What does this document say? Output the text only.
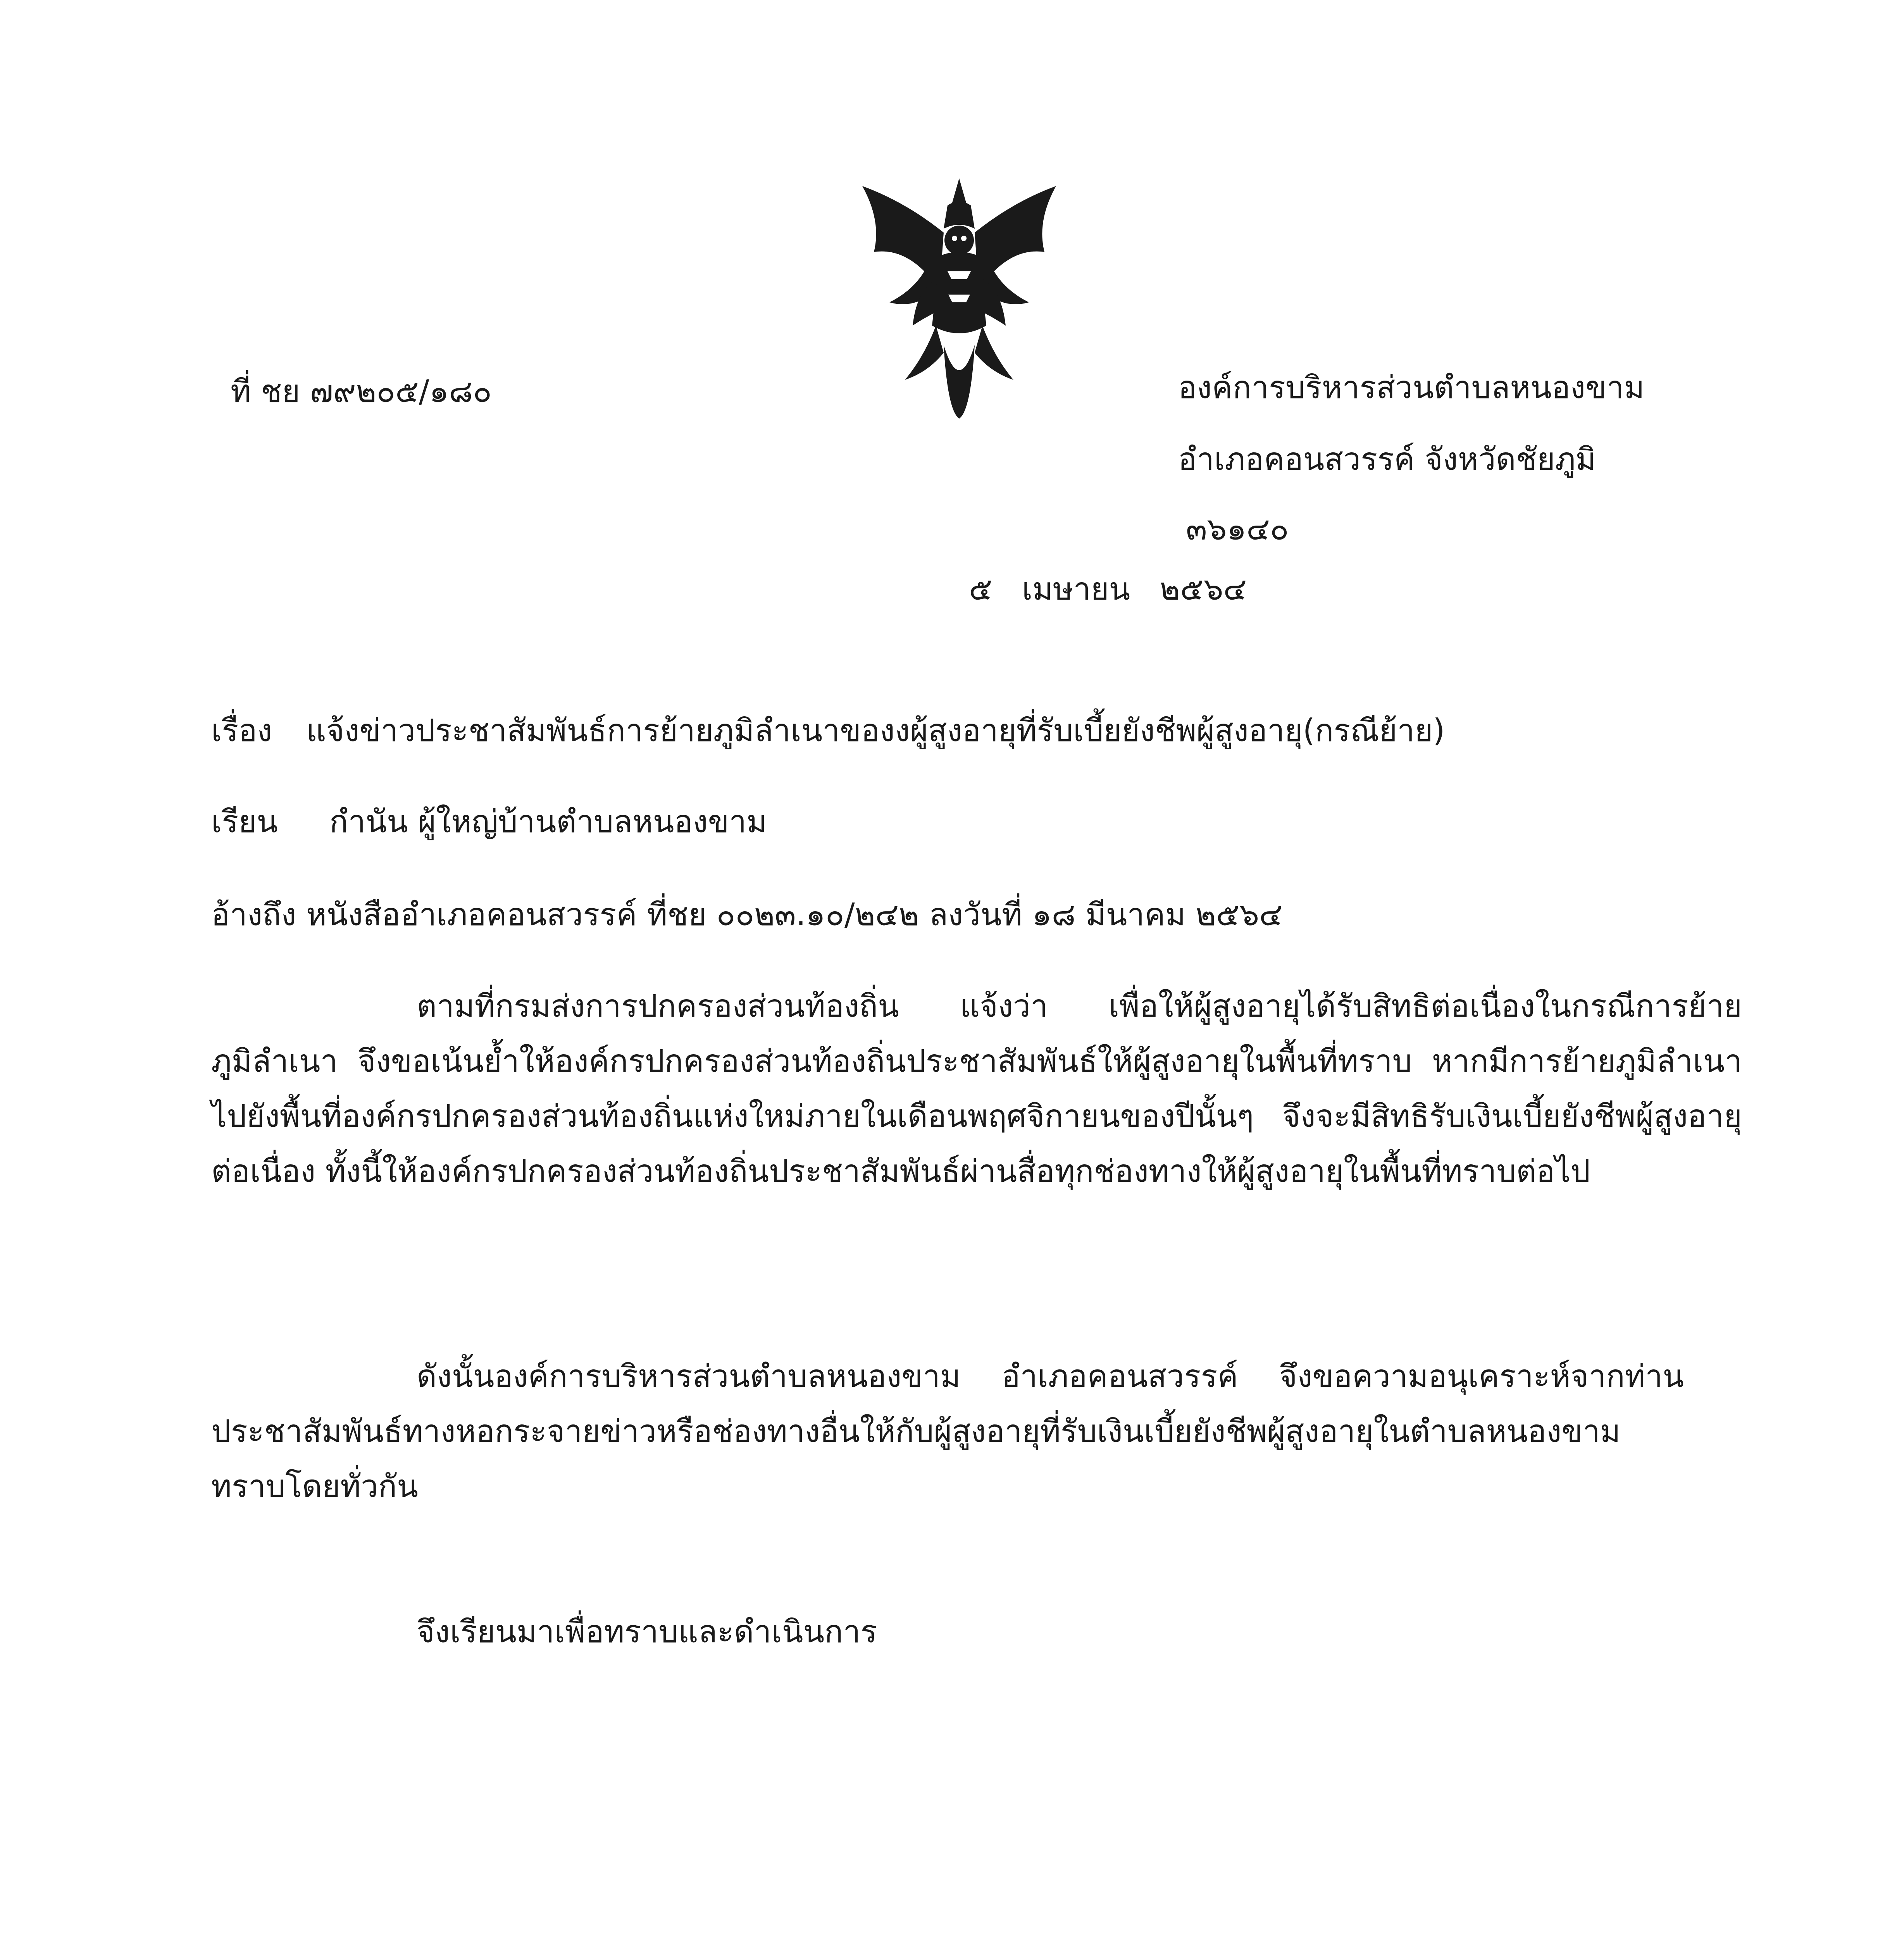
ที่ ชย ๗๙๒๐๕/๑๘๐	องค์การบริหารส่วนตำบลหนองขาม
อำเภอคอนสวรรค์ จังหวัดชัยภูมิ
๓๖๑๔๐
๕   เมษายน   ๒๕๖๔
เรื่อง แจ้งข่าวประชาสัมพันธ์การย้ายภูมิลำเนาของงผู้สูงอายุที่รับเบี้ยยังชีพผู้สูงอายุ(กรณีย้าย)
เรียน กำนัน ผู้ใหญ่บ้านตำบลหนองขาม
อ้างถึง หนังสืออำเภอคอนสวรรค์ ที่ชย ๐๐๒๓.๑๐/๒๔๒ ลงวันที่ ๑๘ มีนาคม ๒๕๖๔

ตามที่กรมส่งการปกครองส่วนท้องถิ่น แจ้งว่า เพื่อให้ผู้สูงอายุได้รับสิทธิต่อเนื่องในกรณีการย้ายภูมิลำเนา จึงขอเน้นย้ำให้องค์กรปกครองส่วนท้องถิ่นประชาสัมพันธ์ให้ผู้สูงอายุในพื้นที่ทราบ หากมีการย้ายภูมิลำเนาไปยังพื้นที่องค์กรปกครองส่วนท้องถิ่นแห่งใหม่ภายในเดือนพฤศจิกายนของปีนั้นๆ จึงจะมีสิทธิรับเงินเบี้ยยังชีพผู้สูงอายุต่อเนื่อง ทั้งนี้ให้องค์กรปกครองส่วนท้องถิ่นประชาสัมพันธ์ผ่านสื่อทุกช่องทางให้ผู้สูงอายุในพื้นที่ทราบต่อไป

ดังนั้นองค์การบริหารส่วนตำบลหนองขาม อำเภอคอนสวรรค์ จึงขอความอนุเคราะห์จากท่านประชาสัมพันธ์ทางหอกระจายข่าวหรือช่องทางอื่นให้กับผู้สูงอายุที่รับเงินเบี้ยยังชีพผู้สูงอายุในตำบลหนองขามทราบโดยทั่วกัน

จึงเรียนมาเพื่อทราบและดำเนินการ
